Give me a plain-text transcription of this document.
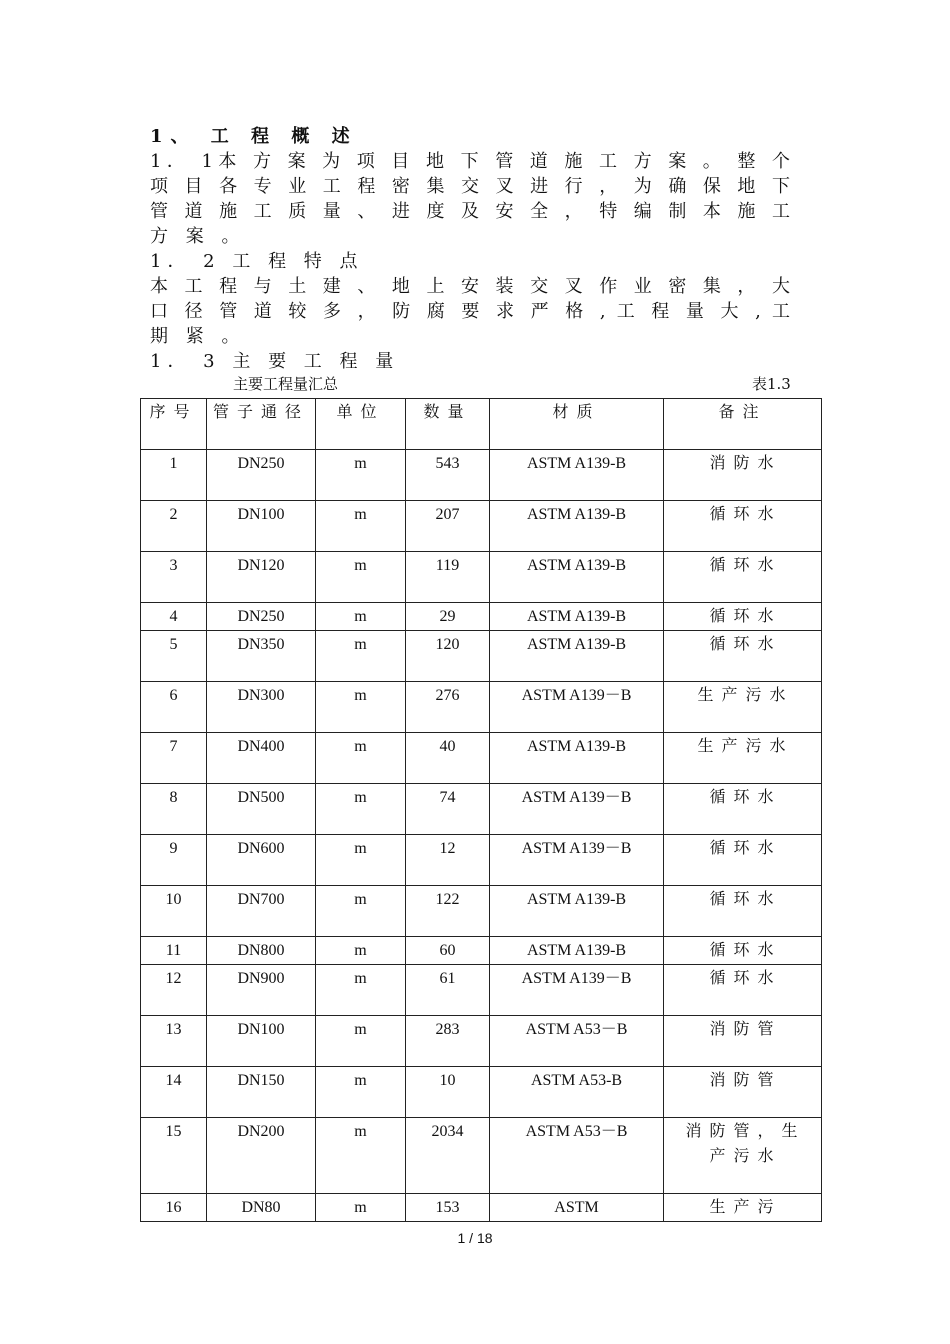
1、 工 程 概 述
1． 1本 方 案 为 项 目 地 下 管 道 施 工 方 案 。 整 个
项 目 各 专 业 工 程 密 集 交 叉 进 行 ， 为 确 保 地 下
管 道 施 工 质 量 、 进 度 及 安 全 ， 特 编 制 本 施 工
方 案 。
1． 2 工 程 特 点
本 工 程 与 土 建 、 地 上 安 装 交 叉 作 业 密 集 ， 大
口 径 管 道 较 多 ， 防 腐 要 求 严 格 , 工 程 量 大 , 工
期 紧 。
1． 3 主 要 工 程 量
主要工程量汇总	表1.3
序号	管子通径	单位	数量	材质	备注
1	DN250	m	543	ASTM A139-B	消防水
2	DN100	m	207	ASTM A139-B	循环水
3	DN120	m	119	ASTM A139-B	循环水
4	DN250	m	29	ASTM A139-B	循环水
5	DN350	m	120	ASTM A139-B	循环水
6	DN300	m	276	ASTM A139－B	生产污水
7	DN400	m	40	ASTM A139-B	生产污水
8	DN500	m	74	ASTM A139－B	循环水
9	DN600	m	12	ASTM A139－B	循环水
10	DN700	m	122	ASTM A139-B	循环水
11	DN800	m	60	ASTM A139-B	循环水
12	DN900	m	61	ASTM A139－B	循环水
13	DN100	m	283	ASTM A53－B	消防管
14	DN150	m	10	ASTM A53-B	消防管
15	DN200	m	2034	ASTM A53－B	消防管，生产污水
16	DN80	m	153	ASTM	生产污
1 / 18
